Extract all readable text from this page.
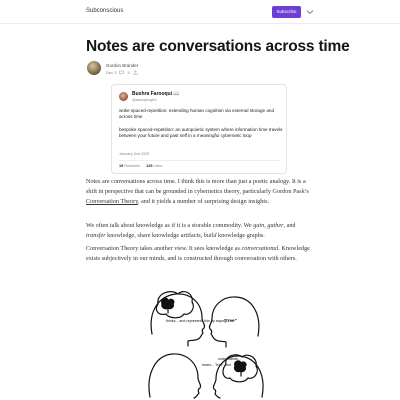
Subconscious	Subscribe
Notes are conversations across time
Gordon Brander
Dec 3	5
Bushra Farooqui 📖
@startupboyhd
woke spaced-repetition: extending human cognition via external storage and across time
bespoke spaced-repetition: an autopoietic system where information time travels between your future and past self in a meaningful cybernetic loop
January 2nd 2025
19 Retweets 125 Likes

Notes are conversations across time. I think this is more than just a poetic analogy. It is a shift in perspective that can be grounded in cybernetics theory, particularly Gordon Pask’s Conversation Theory, and it yields a number of surprising design insights.

We often talk about knowledge as if it is a storable commodity. We gain, gather, and transfer knowledge, share knowledge artifacts, build knowledge graphs.

Conversation Theory takes another view. It sees knowledge as conversational. Knowledge exists subjectively in our minds, and is constructed through conversation with others.

thinks... and represents this by saying
"tree"
hears... "tree" and
understands...
